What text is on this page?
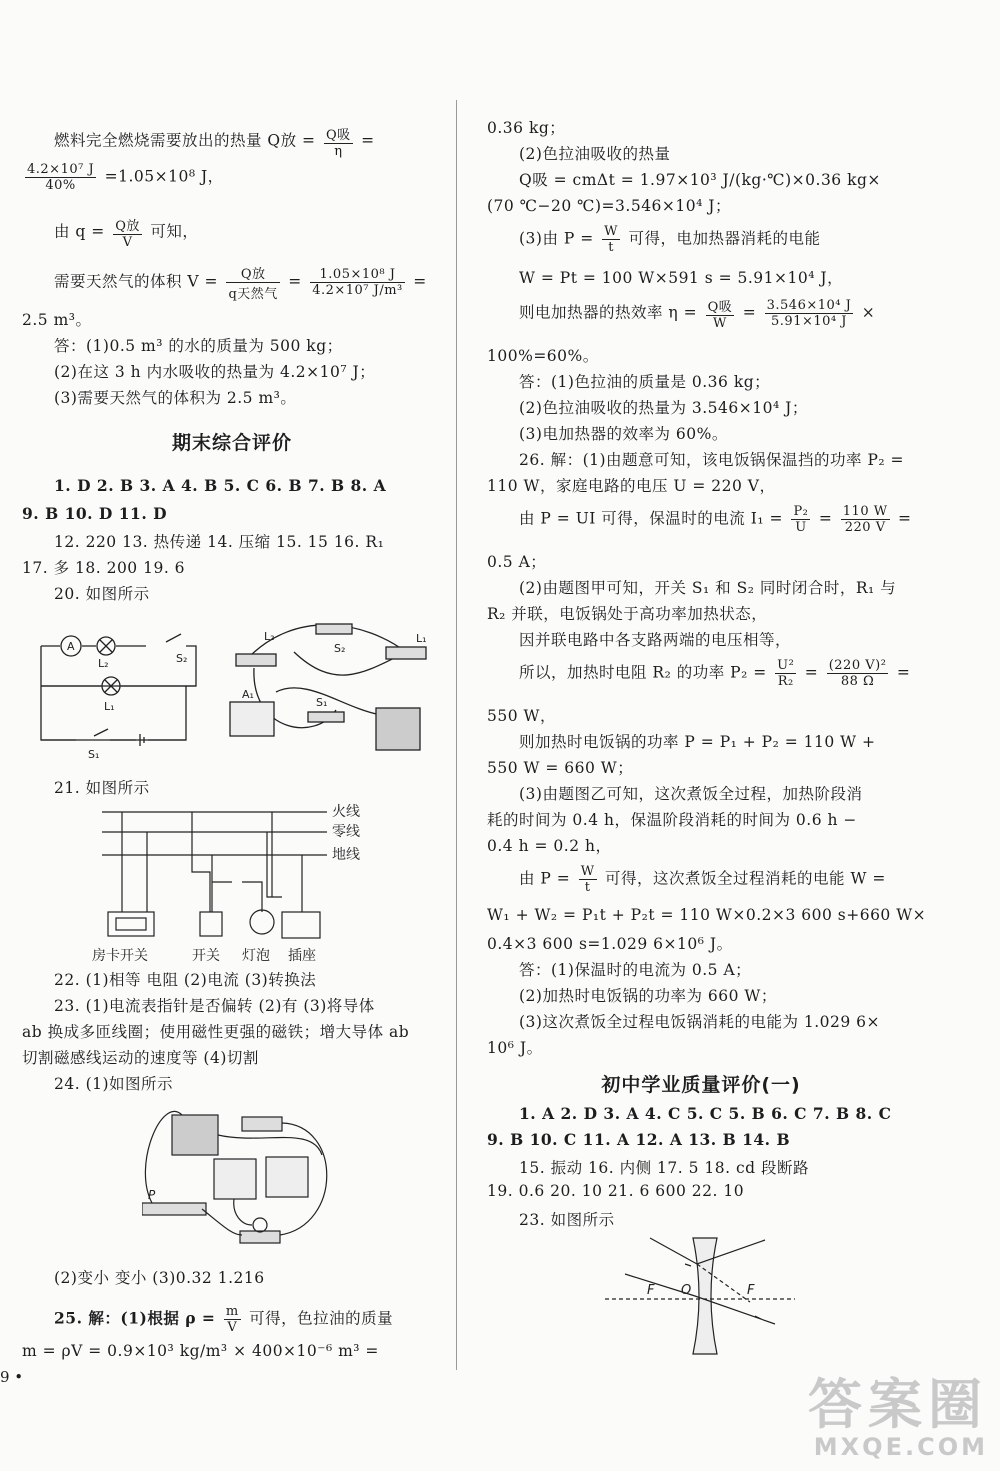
燃料完全燃烧需要放出的热量 Q放 = $\frac{\text{Q吸}}{\eta}$ =
$\frac{\text{4.2×10⁷ J}}{40\%} =1.05\times 10^8$ J，
由 $q = \frac{\text{Q放}}{V}$ 可知，
需要天然气的体积 $V = \frac{\text{Q放}}{\text{q天然气}} = \frac{\text{1.05×10⁸ J}}{\text{4.2×10⁷ J/m³}}$ =
2.5 m³。
答：(1)0.5 m³ 的水的质量为 500 kg；
(2)在这 3 h 内水吸收的热量为 4.2×10⁷ J；
(3)需要天然气的体积为 2.5 m³。
期末综合评价
1. D 2. B 3. A 4. B 5. C 6. B 7. B 8. A
9. B 10. D 11. D
12. 220 13. 热传递 14. 压缩 15. 15 16. R₁
17. 多 18. 200 19. 6
20. 如图所示
A
L₂	S₂
L₁
S₁
L₂	L₁
S₂
A₁
S₁
21. 如图所示
火线
零线
地线
房卡开关	开关 灯泡 插座
22. (1)相等 电阻 (2)电流 (3)转换法
23. (1)电流表指针是否偏转 (2)有 (3)将导体
ab 换成多匝线圈；使用磁性更强的磁铁；增大导体 ab
切割磁感线运动的速度等 (4)切割
24. (1)如图所示
P
(2)变小 变小 (3)0.32 1.216
25. 解：(1)根据 $\rho = \frac{m}{V}$ 可得，色拉油的质量
m = ρV = 0.9×10³ kg/m³ × 400×10⁻⁶ m³ =
0.36 kg；
(2)色拉油吸收的热量
Q吸 = cmΔt = 1.97×10³ J/(kg·℃)×0.36 kg×
(70 ℃−20 ℃)=3.546×10⁴ J；
(3)由 $P = \frac{W}{t}$ 可得，电加热器消耗的电能
W = Pt = 100 W×591 s = 5.91×10⁴ J，
则电加热器的热效率 $\eta = \frac{\text{Q吸}}{W} = \frac{\text{3.546×10⁴ J}}{\text{5.91×10⁴ J}}$ ×
100%=60%。
答：(1)色拉油的质量是 0.36 kg；
(2)色拉油吸收的热量为 3.546×10⁴ J；
(3)电加热器的效率为 60%。
26. 解：(1)由题意可知，该电饭锅保温挡的功率 P₂ =
110 W，家庭电路的电压 U = 220 V，
由 P = UI 可得，保温时的电流 $I_1 = \frac{\text{P₂}}{U} = \frac{110 W}{220 V}$ =
0.5 A；
(2)由题图甲可知，开关 S₁ 和 S₂ 同时闭合时，R₁ 与
R₂ 并联，电饭锅处于高功率加热状态，
因并联电路中各支路两端的电压相等，
所以，加热时电阻 R₂ 的功率 $P_2 = \frac{\text{U²}}{\text{R₂}} = \frac{\text{(220 V)²}}{88 \Omega}$ =
550 W，
则加热时电饭锅的功率 P = P₁ + P₂ = 110 W +
550 W = 660 W；
(3)由题图乙可知，这次煮饭全过程，加热阶段消
耗的时间为 0.4 h，保温阶段消耗的时间为 0.6 h −
0.4 h = 0.2 h，
由 $P = \frac{W}{t}$ 可得，这次煮饭全过程消耗的电能 W =
W₁ + W₂ = P₁t + P₂t = 110 W×0.2×3 600 s+660 W×
0.4×3 600 s=1.029 6×10⁶ J。
答：(1)保温时的电流为 0.5 A；
(2)加热时电饭锅的功率为 660 W；
(3)这次煮饭全过程电饭锅消耗的电能为 1.029 6×
10⁶ J。
初中学业质量评价(一)
1. A 2. D 3. A 4. C 5. C 5. B 6. C 7. B 8. C
9. B 10. C 11. A 12. A 13. B 14. B
15. 振动 16. 内侧 17. 5 18. cd 段断路
19. 0.6 20. 10 21. 6 600 22. 10
23. 如图所示
F O	F
9 •	答案圈
MXQE.COM
